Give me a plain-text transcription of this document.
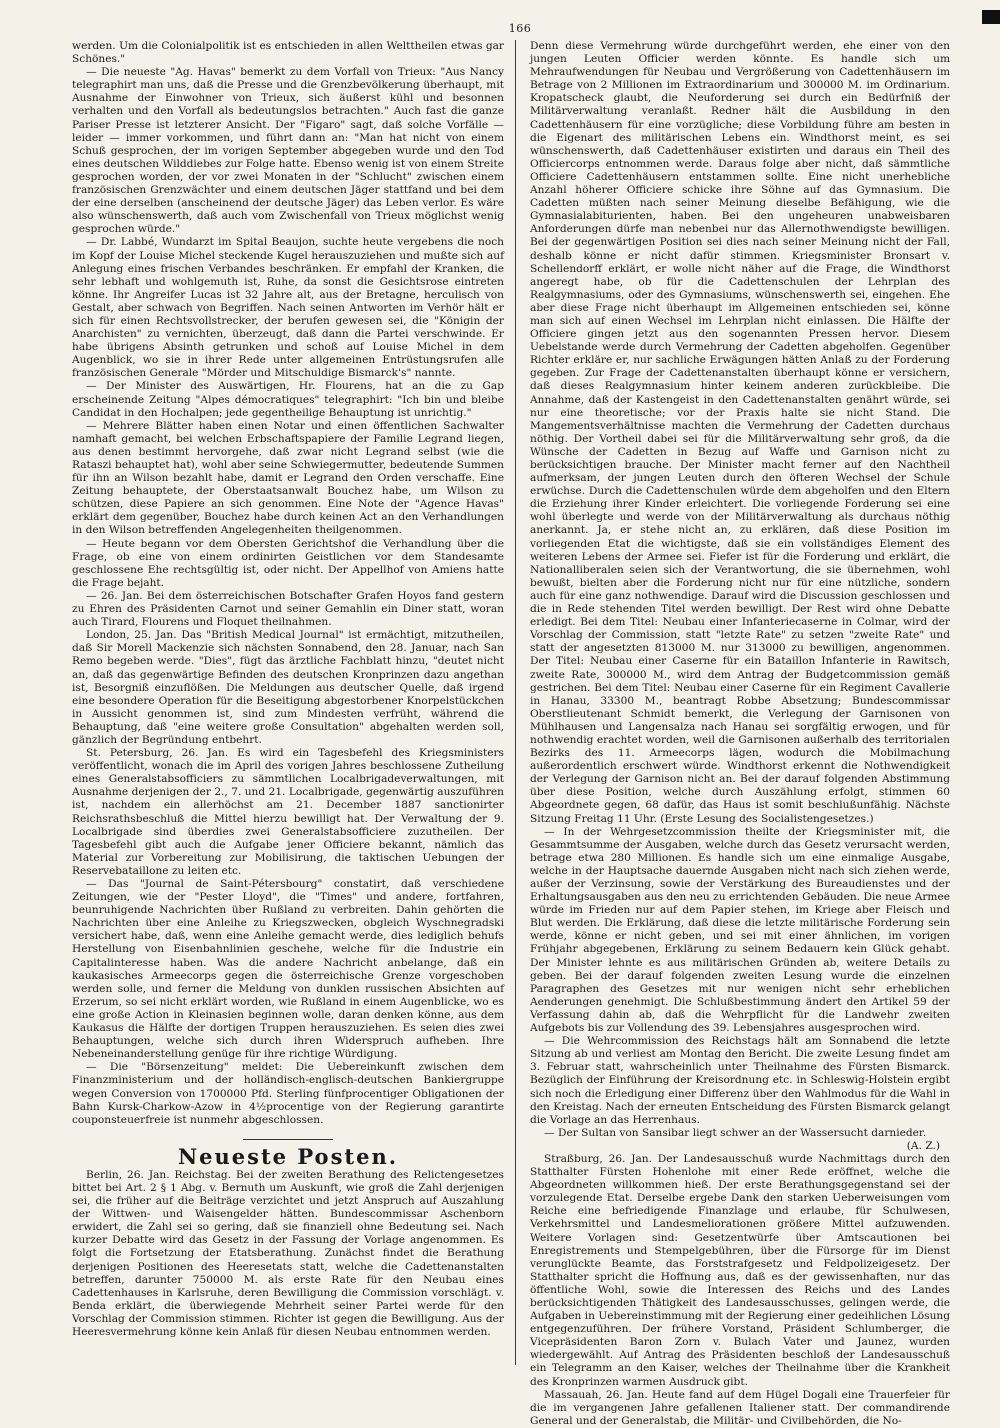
166

werden. Um die Colonialpolitik ist es entschieden in allen Welttheilen etwas gar Schönes."

— Die neueste "Ag. Havas" bemerkt zu dem Vorfall von Trieux: "Aus Nancy telegraphirt man uns, daß die Presse und die Grenzbevölkerung überhaupt, mit Ausnahme der Einwohner von Trieux, sich äußerst kühl und besonnen verhalten und den Vorfall als bedeutungslos betrachten." Auch fast die ganze Pariser Presse ist letzterer Ansicht. Der "Figaro" sagt, daß solche Vorfälle — leider — immer vorkommen, und führt dann an: "Man hat nicht von einem Schuß gesprochen, der im vorigen September abgegeben wurde und den Tod eines deutschen Wilddiebes zur Folge hatte. Ebenso wenig ist von einem Streite gesprochen worden, der vor zwei Monaten in der "Schlucht" zwischen einem französischen Grenzwächter und einem deutschen Jäger stattfand und bei dem der eine derselben (anscheinend der deutsche Jäger) das Leben verlor. Es wäre also wünschenswerth, daß auch vom Zwischenfall von Trieux möglichst wenig gesprochen würde."

— Dr. Labbé, Wundarzt im Spital Beaujon, suchte heute vergebens die noch im Kopf der Louise Michel steckende Kugel herauszuziehen und mußte sich auf Anlegung eines frischen Verbandes beschränken. Er empfahl der Kranken, die sehr lebhaft und wohlgemuth ist, Ruhe, da sonst die Gesichtsrose eintreten könne. Ihr Angreifer Lucas ist 32 Jahre alt, aus der Bretagne, herculisch von Gestalt, aber schwach von Begriffen. Nach seinen Antworten im Verhör hält er sich für einen Rechtsvollstrecker, der berufen gewesen sei, die "Königin der Anarchisten" zu vernichten, überzeugt, daß dann die Partei verschwinde. Er habe übrigens Absinth getrunken und schoß auf Louise Michel in dem Augenblick, wo sie in ihrer Rede unter allgemeinen Entrüstungsrufen alle französischen Generale "Mörder und Mitschuldige Bismarck's" nannte.

— Der Minister des Auswärtigen, Hr. Flourens, hat an die zu Gap erscheinende Zeitung "Alpes démocratiques" telegraphirt: "Ich bin und bleibe Candidat in den Hochalpen; jede gegentheilige Behauptung ist unrichtig."

— Mehrere Blätter haben einen Notar und einen öffentlichen Sachwalter namhaft gemacht, bei welchen Erbschaftspapiere der Familie Legrand liegen, aus denen bestimmt hervorgehe, daß zwar nicht Legrand selbst (wie die Rataszi behauptet hat), wohl aber seine Schwiegermutter, bedeutende Summen für ihn an Wilson bezahlt habe, damit er Legrand den Orden verschaffe. Eine Zeitung behauptete, der Oberstaatsanwalt Bouchez habe, um Wilson zu schützen, diese Papiere an sich genommen. Eine Note der "Agence Havas" erklärt dem gegenüber, Bouchez habe durch keinen Act an den Verhandlungen in den Wilson betreffenden Angelegenheiten theilgenommen.

— Heute begann vor dem Obersten Gerichtshof die Verhandlung über die Frage, ob eine von einem ordinirten Geistlichen vor dem Standesamte geschlossene Ehe rechtsgültig ist, oder nicht. Der Appellhof von Amiens hatte die Frage bejaht.

— 26. Jan. Bei dem österreichischen Botschafter Grafen Hoyos fand gestern zu Ehren des Präsidenten Carnot und seiner Gemahlin ein Diner statt, woran auch Tirard, Flourens und Floquet theilnahmen.

London, 25. Jan. Das "British Medical Journal" ist ermächtigt, mitzutheilen, daß Sir Morell Mackenzie sich nächsten Sonnabend, den 28. Januar, nach San Remo begeben werde. "Dies", fügt das ärztliche Fachblatt hinzu, "deutet nicht an, daß das gegenwärtige Befinden des deutschen Kronprinzen dazu angethan ist, Besorgniß einzuflößen. Die Meldungen aus deutscher Quelle, daß irgend eine besondere Operation für die Beseitigung abgestorbener Knorpelstückchen in Aussicht genommen ist, sind zum Mindesten verfrüht, während die Behauptung, daß "eine weitere große Consultation" abgehalten werden soll, gänzlich der Begründung entbehrt.

St. Petersburg, 26. Jan. Es wird ein Tagesbefehl des Kriegsministers veröffentlicht, wonach die im April des vorigen Jahres beschlossene Zutheilung eines Generalstabsofficiers zu sämmtlichen Localbrigadeverwaltungen, mit Ausnahme derjenigen der 2., 7. und 21. Localbrigade, gegenwärtig auszuführen ist, nachdem ein allerhöchst am 21. December 1887 sanctionirter Reichsrathsbeschluß die Mittel hierzu bewilligt hat. Der Verwaltung der 9. Localbrigade sind überdies zwei Generalstabsofficiere zuzutheilen. Der Tagesbefehl gibt auch die Aufgabe jener Officiere bekannt, nämlich das Material zur Vorbereitung zur Mobilisirung, die taktischen Uebungen der Reservebataillone zu leiten etc.

— Das "Journal de Saint-Pétersbourg" constatirt, daß verschiedene Zeitungen, wie der "Pester Lloyd", die "Times" und andere, fortfahren, beunruhigende Nachrichten über Rußland zu verbreiten. Dahin gehörten die Nachrichten über eine Anleihe zu Kriegszwecken, obgleich Wyschnegradski versichert habe, daß, wenn eine Anleihe gemacht werde, dies lediglich behufs Herstellung von Eisenbahnlinien geschehe, welche für die Industrie ein Capitalinteresse haben. Was die andere Nachricht anbelange, daß ein kaukasisches Armeecorps gegen die österreichische Grenze vorgeschoben werden solle, und ferner die Meldung von dunklen russischen Absichten auf Erzerum, so sei nicht erklärt worden, wie Rußland in einem Augenblicke, wo es eine große Action in Kleinasien beginnen wolle, daran denken könne, aus dem Kaukasus die Hälfte der dortigen Truppen herauszuziehen. Es seien dies zwei Behauptungen, welche sich durch ihren Widerspruch aufheben. Ihre Nebeneinanderstellung genüge für ihre richtige Würdigung.

— Die "Börsenzeitung" meldet: Die Uebereinkunft zwischen dem Finanzministerium und der holländisch-englisch-deutschen Bankiergruppe wegen Conversion von 1700000 Pfd. Sterling fünfprocentiger Obligationen der Bahn Kursk-Charkow-Azow in 4½procentige von der Regierung garantirte couponsteuerfreie ist nunmehr abgeschlossen.

Neueste Posten.

Berlin, 26. Jan. Reichstag. Bei der zweiten Berathung des Relictengesetzes bittet bei Art. 2 § 1 Abg. v. Bernuth um Auskunft, wie groß die Zahl derjenigen sei, die früher auf die Beiträge verzichtet und jetzt Anspruch auf Auszahlung der Wittwen- und Waisengelder hätten. Bundescommissar Aschenborn erwidert, die Zahl sei so gering, daß sie finanziell ohne Bedeutung sei. Nach kurzer Debatte wird das Gesetz in der Fassung der Vorlage angenommen. Es folgt die Fortsetzung der Etatsberathung. Zunächst findet die Berathung derjenigen Positionen des Heeresetats statt, welche die Cadettenanstalten betreffen, darunter 750000 M. als erste Rate für den Neubau eines Cadettenhauses in Karlsruhe, deren Bewilligung die Commission vorschlägt. v. Benda erklärt, die überwiegende Mehrheit seiner Partei werde für den Vorschlag der Commission stimmen. Richter ist gegen die Bewilligung. Aus der Heeresvermehrung könne kein Anlaß für diesen Neubau entnommen werden.

Denn diese Vermehrung würde durchgeführt werden, ehe einer von den jungen Leuten Officier werden könnte. Es handle sich um Mehraufwendungen für Neubau und Vergrößerung von Cadettenhäusern im Betrage von 2 Millionen im Extraordinarium und 300000 M. im Ordinarium. Kropatscheck glaubt, die Neuforderung sei durch ein Bedürfniß der Militärverwaltung veranlaßt. Redner hält die Ausbildung in den Cadettenhäusern für eine vorzügliche; diese Vorbildung führe am besten in die Eigenart des militärischen Lebens ein. Windthorst meint, es sei wünschenswerth, daß Cadettenhäuser existirten und daraus ein Theil des Officiercorps entnommen werde. Daraus folge aber nicht, daß sämmtliche Officiere Cadettenhäusern entstammen sollte. Eine nicht unerhebliche Anzahl höherer Officiere schicke ihre Söhne auf das Gymnasium. Die Cadetten müßten nach seiner Meinung dieselbe Befähigung, wie die Gymnasialabiturienten, haben. Bei den ungeheuren unabweisbaren Anforderungen dürfe man nebenbei nur das Allernothwendigste bewilligen. Bei der gegenwärtigen Position sei dies nach seiner Meinung nicht der Fall, deshalb könne er nicht dafür stimmen. Kriegsminister Bronsart v. Schellendorff erklärt, er wolle nicht näher auf die Frage, die Windthorst angeregt habe, ob für die Cadettenschulen der Lehrplan des Realgymnasiums, oder des Gymnasiums, wünschenswerth sei, eingehen. Ehe aber diese Frage nicht überhaupt im Allgemeinen entschieden sei, könne man sich auf einen Wechsel im Lehrplan nicht einlassen. Die Hälfte der Officiere gingen jetzt aus den sogenannten Pressen hervor. Diesem Uebelstande werde durch Vermehrung der Cadetten abgeholfen. Gegenüber Richter erkläre er, nur sachliche Erwägungen hätten Anlaß zu der Forderung gegeben. Zur Frage der Cadettenanstalten überhaupt könne er versichern, daß dieses Realgymnasium hinter keinem anderen zurückbleibe. Die Annahme, daß der Kastengeist in den Cadettenanstalten genährt würde, sei nur eine theoretische; vor der Praxis halte sie nicht Stand. Die Mangementsverhältnisse machten die Vermehrung der Cadetten durchaus nöthig. Der Vortheil dabei sei für die Militärverwaltung sehr groß, da die Wünsche der Cadetten in Bezug auf Waffe und Garnison nicht zu berücksichtigen brauche. Der Minister macht ferner auf den Nachtheil aufmerksam, der jungen Leuten durch den öfteren Wechsel der Schule erwüchse. Durch die Cadettenschulen würde dem abgeholfen und den Eltern die Erziehung ihrer Kinder erleichtert. Die vorliegende Forderung sei eine wohl überlegte und werde von der Militärverwaltung als durchaus nöthig anerkannt. Ja, er stehe nicht an, zu erklären, daß diese Position im vorliegenden Etat die wichtigste, daß sie ein vollständiges Element des weiteren Lebens der Armee sei. Fiefer ist für die Forderung und erklärt, die Nationalliberalen seien sich der Verantwortung, die sie übernehmen, wohl bewußt, bielten aber die Forderung nicht nur für eine nützliche, sondern auch für eine ganz nothwendige. Darauf wird die Discussion geschlossen und die in Rede stehenden Titel werden bewilligt. Der Rest wird ohne Debatte erledigt. Bei dem Titel: Neubau einer Infanteriecaserne in Colmar, wird der Vorschlag der Commission, statt "letzte Rate" zu setzen "zweite Rate" und statt der angesetzten 813000 M. nur 313000 zu bewilligen, angenommen. Der Titel: Neubau einer Caserne für ein Bataillon Infanterie in Rawitsch, zweite Rate, 300000 M., wird dem Antrag der Budgetcommission gemäß gestrichen. Bei dem Titel: Neubau einer Caserne für ein Regiment Cavallerie in Hanau, 33300 M., beantragt Robbe Absetzung; Bundescommissar Oberstlieutenant Schmidt bemerkt, die Verlegung der Garnisonen von Mühlhausen und Langensalza nach Hanau sei sorgfältig erwogen, und für nothwendig erachtet worden, weil die Garnisonen außerhalb des territorialen Bezirks des 11. Armeecorps lägen, wodurch die Mobilmachung außerordentlich erschwert würde. Windthorst erkennt die Nothwendigkeit der Verlegung der Garnison nicht an. Bei der darauf folgenden Abstimmung über diese Position, welche durch Auszählung erfolgt, stimmen 60 Abgeordnete gegen, 68 dafür, das Haus ist somit beschlußunfähig. Nächste Sitzung Freitag 11 Uhr. (Erste Lesung des Socialistengesetzes.)

— In der Wehrgesetzcommission theilte der Kriegsminister mit, die Gesammtsumme der Ausgaben, welche durch das Gesetz verursacht werden, betrage etwa 280 Millionen. Es handle sich um eine einmalige Ausgabe, welche in der Hauptsache dauernde Ausgaben nicht nach sich ziehen werde, außer der Verzinsung, sowie der Verstärkung des Bureaudienstes und der Erhaltungsausgaben aus den neu zu errichtenden Gebäuden. Die neue Armee würde im Frieden nur auf dem Papier stehen, im Kriege aber Fleisch und Blut werden. Die Erklärung, daß diese die letzte militärische Forderung sein werde, könne er nicht geben, und sei mit einer ähnlichen, im vorigen Frühjahr abgegebenen, Erklärung zu seinem Bedauern kein Glück gehabt. Der Minister lehnte es aus militärischen Gründen ab, weitere Details zu geben. Bei der darauf folgenden zweiten Lesung wurde die einzelnen Paragraphen des Gesetzes mit nur wenigen nicht sehr erheblichen Aenderungen genehmigt. Die Schlußbestimmung ändert den Artikel 59 der Verfassung dahin ab, daß die Wehrpflicht für die Landwehr zweiten Aufgebots bis zur Vollendung des 39. Lebensjahres ausgesprochen wird.

— Die Wehrcommission des Reichstags hält am Sonnabend die letzte Sitzung ab und verliest am Montag den Bericht. Die zweite Lesung findet am 3. Februar statt, wahrscheinlich unter Theilnahme des Fürsten Bismarck. Bezüglich der Einführung der Kreisordnung etc. in Schleswig-Holstein ergibt sich noch die Erledigung einer Differenz über den Wahlmodus für die Wahl in den Kreistag. Nach der erneuten Entscheidung des Fürsten Bismarck gelangt die Vorlage an das Herrenhaus.

— Der Sultan von Sansibar liegt schwer an der Wassersucht darnieder.

(A. Z.)

Straßburg, 26. Jan. Der Landesausschuß wurde Nachmittags durch den Statthalter Fürsten Hohenlohe mit einer Rede eröffnet, welche die Abgeordneten willkommen hieß. Der erste Berathungsgegenstand sei der vorzulegende Etat. Derselbe ergebe Dank den starken Ueberweisungen vom Reiche eine befriedigende Finanzlage und erlaube, für Schulwesen, Verkehrsmittel und Landesmeliorationen größere Mittel aufzuwenden. Weitere Vorlagen sind: Gesetzentwürfe über Amtscautionen bei Enregistrements und Stempelgebühren, über die Fürsorge für im Dienst verunglückte Beamte, das Forststrafgesetz und Feldpolizeigesetz. Der Statthalter spricht die Hoffnung aus, daß es der gewissenhaften, nur das öffentliche Wohl, sowie die Interessen des Reichs und des Landes berücksichtigenden Thätigkeit des Landesausschusses, gelingen werde, die Aufgaben in Uebereinstimmung mit der Regierung einer gedeihlichen Lösung entgegenzuführen. Der frühere Vorstand, Präsident Schlumberger, die Vicepräsidenten Baron Zorn v. Bulach Vater und Jaunez, wurden wiedergewählt. Auf Antrag des Präsidenten beschloß der Landesausschuß ein Telegramm an den Kaiser, welches der Theilnahme über die Krankheit des Kronprinzen warmen Ausdruck gibt.

Massauah, 26. Jan. Heute fand auf dem Hügel Dogali eine Trauerfeier für die im vergangenen Jahre gefallenen Italiener statt. Der commandirende General und der Generalstab, die Militär- und Civilbehörden, die No-
